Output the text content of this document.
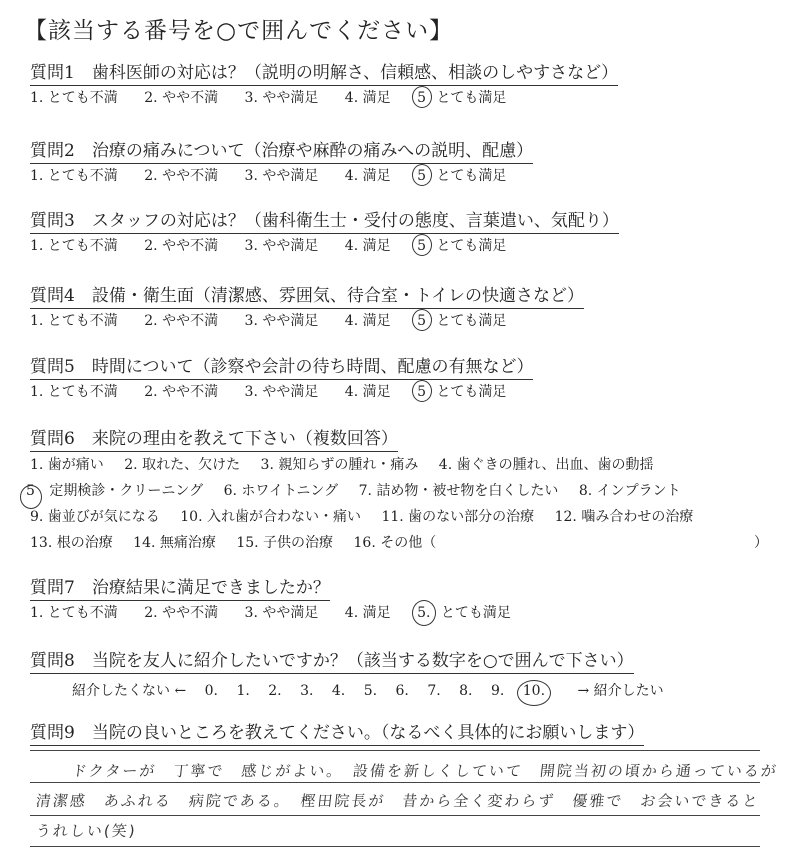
【該当する番号を○で囲んでください】
質問1　歯科医師の対応は？（説明の明解さ、信頼感、相談のしやすさなど）
1. とても不満 2. やや不満 3. やや満足 4. 満足 5 とても満足
質問2　治療の痛みについて（治療や麻酔の痛みへの説明、配慮）
1. とても不満 2. やや不満 3. やや満足 4. 満足 5 とても満足
質問3　スタッフの対応は？（歯科衛生士・受付の態度、言葉遣い、気配り）
1. とても不満 2. やや不満 3. やや満足 4. 満足 5 とても満足
質問4　設備・衛生面（清潔感、雰囲気、待合室・トイレの快適さなど）
1. とても不満 2. やや不満 3. やや満足 4. 満足 5 とても満足
質問5　時間について（診察や会計の待ち時間、配慮の有無など）
1. とても不満 2. やや不満 3. やや満足 4. 満足 5 とても満足
質問6　来院の理由を教えて下さい（複数回答）
1. 歯が痛い 2. 取れた、欠けた 3. 親知らずの腫れ・痛み 4. 歯ぐきの腫れ、出血、歯の動揺
5 定期検診・クリーニング 6. ホワイトニング 7. 詰め物・被せ物を白くしたい 8. インプラント
9. 歯並びが気になる 10. 入れ歯が合わない・痛い 11. 歯のない部分の治療 12. 噛み合わせの治療
13. 根の治療 14. 無痛治療 15. 子供の治療 16. その他（	）
質問7　治療結果に満足できましたか？
1. とても不満 2. やや不満 3. やや満足 4. 満足 5. とても満足
質問8　当院を友人に紹介したいですか？（該当する数字を○で囲んで下さい）
紹介したくない ← 0. 1. 2. 3. 4. 5. 6. 7. 8. 9. 10. → 紹介したい
質問9　当院の良いところを教えてください。（なるべく具体的にお願いします）
ドクターが　丁寧で　感じがよい。　設備を新しくしていて　開院当初の頃から通っているが
清潔感　あふれる　病院である。　樫田院長が　昔から全く変わらず　優雅で　お会いできると
うれしい(笑)
